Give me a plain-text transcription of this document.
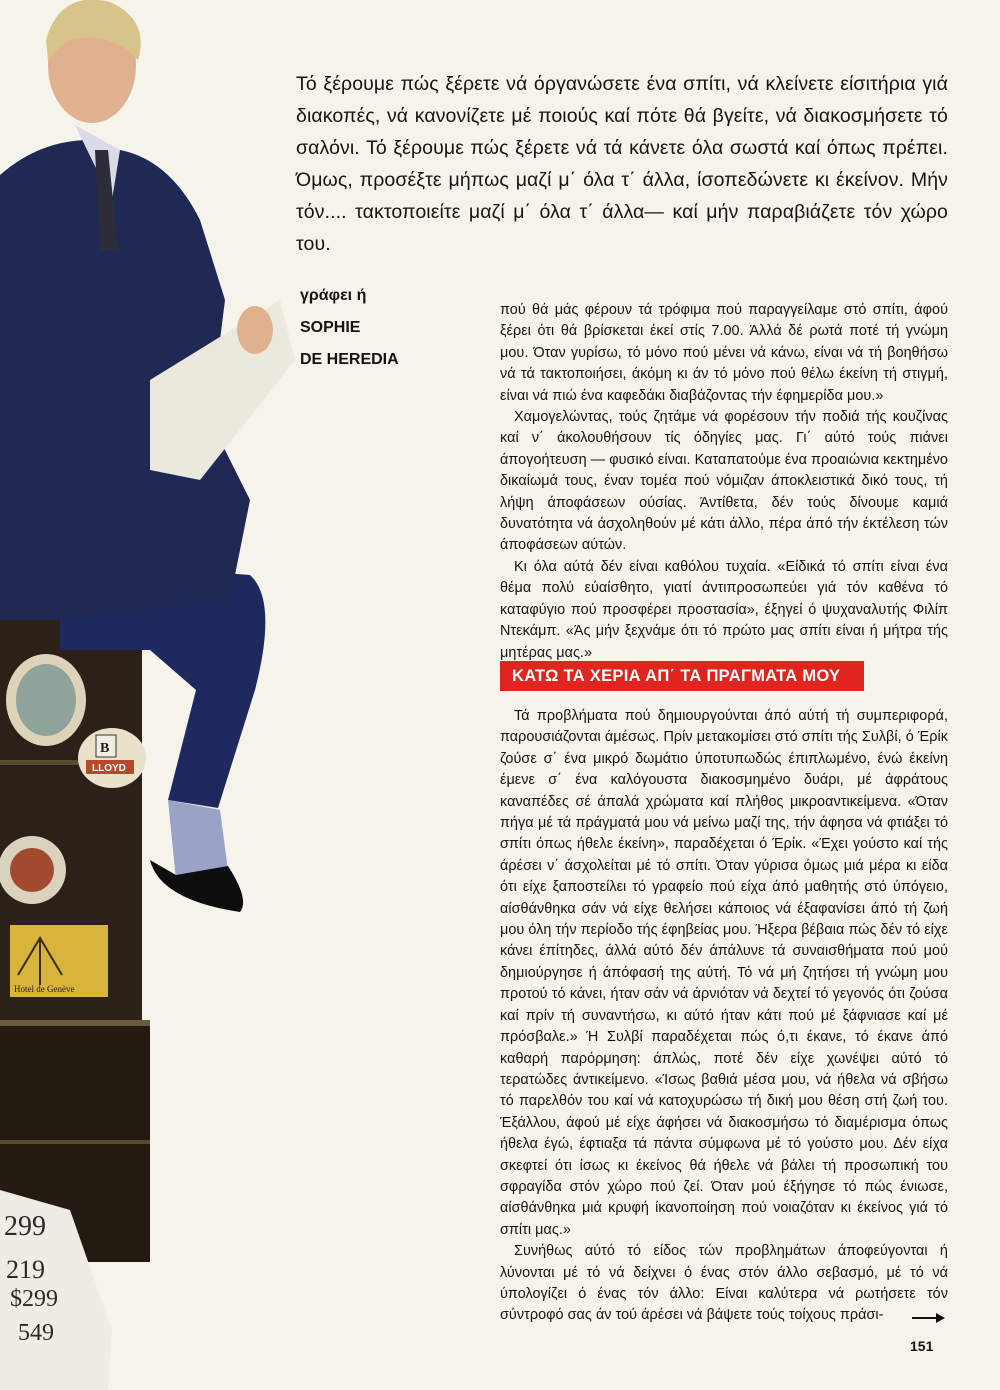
B
LLOYD
Hotel de Genève
299
219
$299
549

Τό ξέρουμε πώς ξέρετε νά όργανώσετε ένα σπίτι, νά κλείνετε είσιτήρια γιά διακοπές, νά κανονίζετε μέ ποιούς καί πότε θά βγείτε, νά διακοσμήσετε τό σαλόνι. Τό ξέρουμε πώς ξέρετε νά τά κάνετε όλα σωστά καί όπως πρέπει. Όμως, προσέξτε μήπως μαζί μ΄ όλα τ΄ άλλα, ίσοπεδώνετε κι έκείνον. Μήν τόν.... τακτοποιείτε μαζί μ΄ όλα τ΄ άλλα— καί μήν παραβιάζετε τόν χώρο του.

γράφει ή
SOPHIE
DE HEREDIA

πού θά μάς φέρουν τά τρόφιμα πού παραγγείλαμε στό σπίτι, άφού ξέρει ότι θά βρίσκεται έκεί στίς 7.00. Άλλά δέ ρωτά ποτέ τή γνώμη μου. Όταν γυρίσω, τό μόνο πού μένει νά κάνω, είναι νά τή βοηθήσω νά τά τακτοποιήσει, άκόμη κι άν τό μόνο πού θέλω έκείνη τή στιγμή, είναι νά πιώ ένα καφεδάκι διαβάζοντας τήν έφημερίδα μου.»

Χαμογελώντας, τούς ζητάμε νά φορέσουν τήν ποδιά τής κουζίνας καί ν΄ άκολουθήσουν τίς όδηγίες μας. Γι΄ αύτό τούς πιάνει άπογοήτευση — φυσικό είναι. Καταπατούμε ένα προαιώνια κεκτημένο δικαίωμά τους, έναν τομέα πού νόμιζαν άποκλειστικά δικό τους, τή λήψη άποφάσεων ούσίας. Άντίθετα, δέν τούς δίνουμε καμιά δυνατότητα νά άσχοληθούν μέ κάτι άλλο, πέρα άπό τήν έκτέλεση τών άποφάσεων αύτών.

Κι όλα αύτά δέν είναι καθόλου τυχαία. «Είδικά τό σπίτι είναι ένα θέμα πολύ εύαίσθητο, γιατί άντιπροσωπεύει γιά τόν καθένα τό καταφύγιο πού προσφέρει προστασία», έξηγεί ό ψυχαναλυτής Φιλίπ Ντεκάμπ. «Άς μήν ξεχνάμε ότι τό πρώτο μας σπίτι είναι ή μήτρα τής μητέρας μας.»

ΚΑΤΩ ΤΑ ΧΕΡΙΑ ΑΠ΄ ΤΑ ΠΡΑΓΜΑΤΑ ΜΟΥ

Τά προβλήματα πού δημιουργούνται άπό αύτή τή συμπεριφορά, παρουσιάζονται άμέσως. Πρίν μετακομίσει στό σπίτι τής Συλβί, ό Έρίκ ζούσε σ΄ ένα μικρό δωμάτιο ύποτυπωδώς έπιπλωμένο, ένώ έκείνη έμενε σ΄ ένα καλόγουστα διακοσμημένο δυάρι, μέ άφράτους καναπέδες σέ άπαλά χρώματα καί πλήθος μικροαντικείμενα. «Όταν πήγα μέ τά πράγματά μου νά μείνω μαζί της, τήν άφησα νά φτιάξει τό σπίτι όπως ήθελε έκείνη», παραδέχεται ό Έρίκ. «Έχει γούστο καί τής άρέσει ν΄ άσχολείται μέ τό σπίτι. Όταν γύρισα όμως μιά μέρα κι είδα ότι είχε ξαποστείλει τό γραφείο πού είχα άπό μαθητής στό ύπόγειο, αίσθάνθηκα σάν νά είχε θελήσει κάποιος νά έξαφανίσει άπό τή ζωή μου όλη τήν περίοδο τής έφηβείας μου. Ήξερα βέβαια πώς δέν τό είχε κάνει έπίτηδες, άλλά αύτό δέν άπάλυνε τά συναισθήματα πού μού δημιούργησε ή άπόφασή της αύτή. Τό νά μή ζητήσει τή γνώμη μου προτού τό κάνει, ήταν σάν νά άρνιόταν νά δεχτεί τό γεγονός ότι ζούσα καί πρίν τή συναντήσω, κι αύτό ήταν κάτι πού μέ ξάφνιασε καί μέ πρόσβαλε.» Ή Συλβί παραδέχεται πώς ό,τι έκανε, τό έκανε άπό καθαρή παρόρμηση: άπλώς, ποτέ δέν είχε χωνέψει αύτό τό τερατώδες άντικείμενο. «Ίσως βαθιά μέσα μου, νά ήθελα νά σβήσω τό παρελθόν του καί νά κατοχυρώσω τή δική μου θέση στή ζωή του. Έξάλλου, άφού μέ είχε άφήσει νά διακοσμήσω τό διαμέρισμα όπως ήθελα έγώ, έφτιαξα τά πάντα σύμφωνα μέ τό γούστο μου. Δέν είχα σκεφτεί ότι ίσως κι έκείνος θά ήθελε νά βάλει τή προσωπική του σφραγίδα στόν χώρο πού ζεί. Όταν μού έξήγησε τό πώς ένιωσε, αίσθάνθηκα μιά κρυφή ίκανοποίηση πού νοιαζόταν κι έκείνος γιά τό σπίτι μας.»

Συνήθως αύτό τό είδος τών προβλημάτων άποφεύγονται ή λύνονται μέ τό νά δείχνει ό ένας στόν άλλο σεβασμό, μέ τό νά ύπολογίζει ό ένας τόν άλλο: Είναι καλύτερα νά ρωτήσετε τόν σύντροφό σας άν τού άρέσει νά βάψετε τούς τοίχους πράσι-

151
